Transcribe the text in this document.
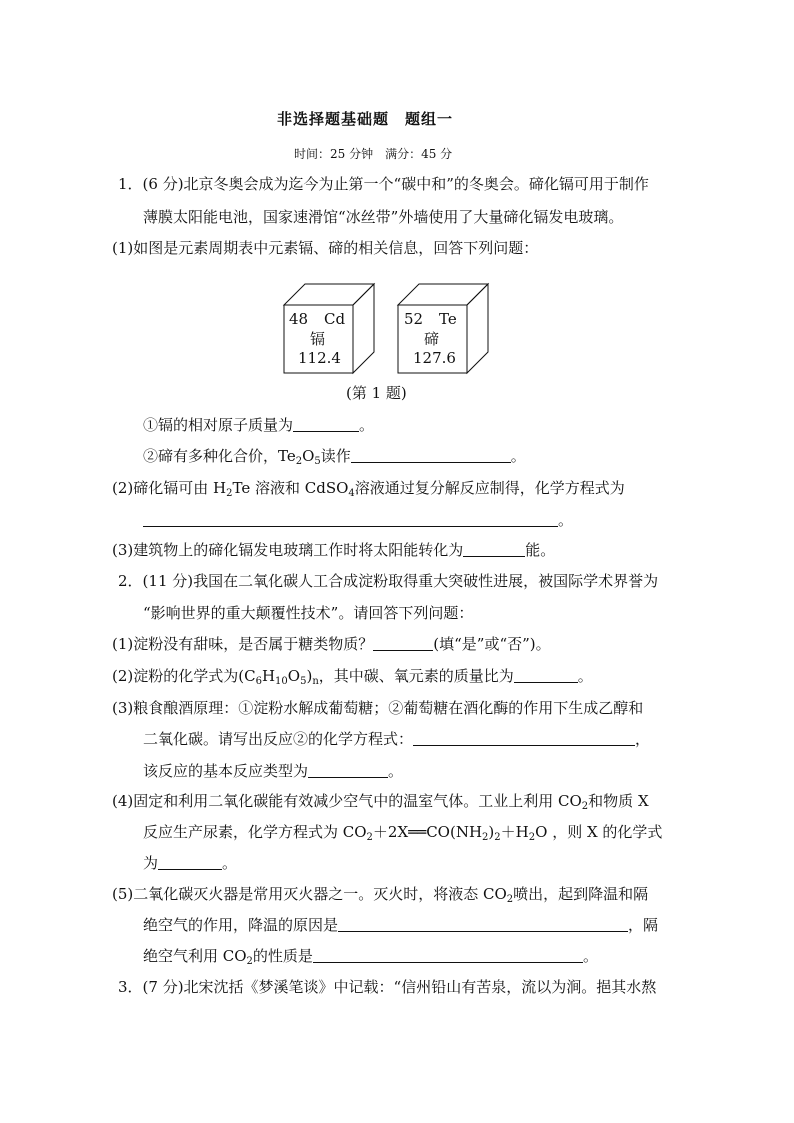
非选择题基础题　题组一
时间：25 分钟　满分：45 分
1．(6 分)北京冬奥会成为迄今为止第一个“碳中和”的冬奥会。碲化镉可用于制作
薄膜太阳能电池，国家速滑馆“冰丝带”外墙使用了大量碲化镉发电玻璃。
(1)如图是元素周期表中元素镉、碲的相关信息，回答下列问题：
48 Cd
镉
112.4
52 Te
碲
127.6
(第 1 题)
①镉的相对原子质量为	。
②碲有多种化合价，$Te_2O_5$读作	。
(2)碲化镉可由 $H_2Te$ 溶液和 CdSO$_4$溶液通过复分解反应制得，化学方程式为
。
(3)建筑物上的碲化镉发电玻璃工作时将太阳能转化为	能。
2．(11 分)我国在二氧化碳人工合成淀粉取得重大突破性进展，被国际学术界誉为
“影响世界的重大颠覆性技术”。请回答下列问题：
(1)淀粉没有甜味，是否属于糖类物质？	(填“是”或“否”)。
(2)淀粉的化学式为$(C_6H_{10}O_5)_n$，其中碳、氧元素的质量比为	。
(3)粮食酿酒原理：①淀粉水解成葡萄糖；②葡萄糖在酒化酶的作用下生成乙醇和
二氧化碳。请写出反应②的化学方程式：	，
该反应的基本反应类型为	。
(4)固定和利用二氧化碳能有效减少空气中的温室气体。工业上利用 $CO_2$和物质 X
反应生产尿素，化学方程式为 $CO_2+2X══CO(NH_2)_2+H_2O$ ，则 X 的化学式
为	。
(5)二氧化碳灭火器是常用灭火器之一。灭火时，将液态 $CO_2$喷出，起到降温和隔
绝空气的作用，降温的原因是	，隔
绝空气利用 $CO_2$的性质是	。
3．(7 分)北宋沈括《梦溪笔谈》中记载：“信州铅山有苦泉，流以为涧。挹其水熬
